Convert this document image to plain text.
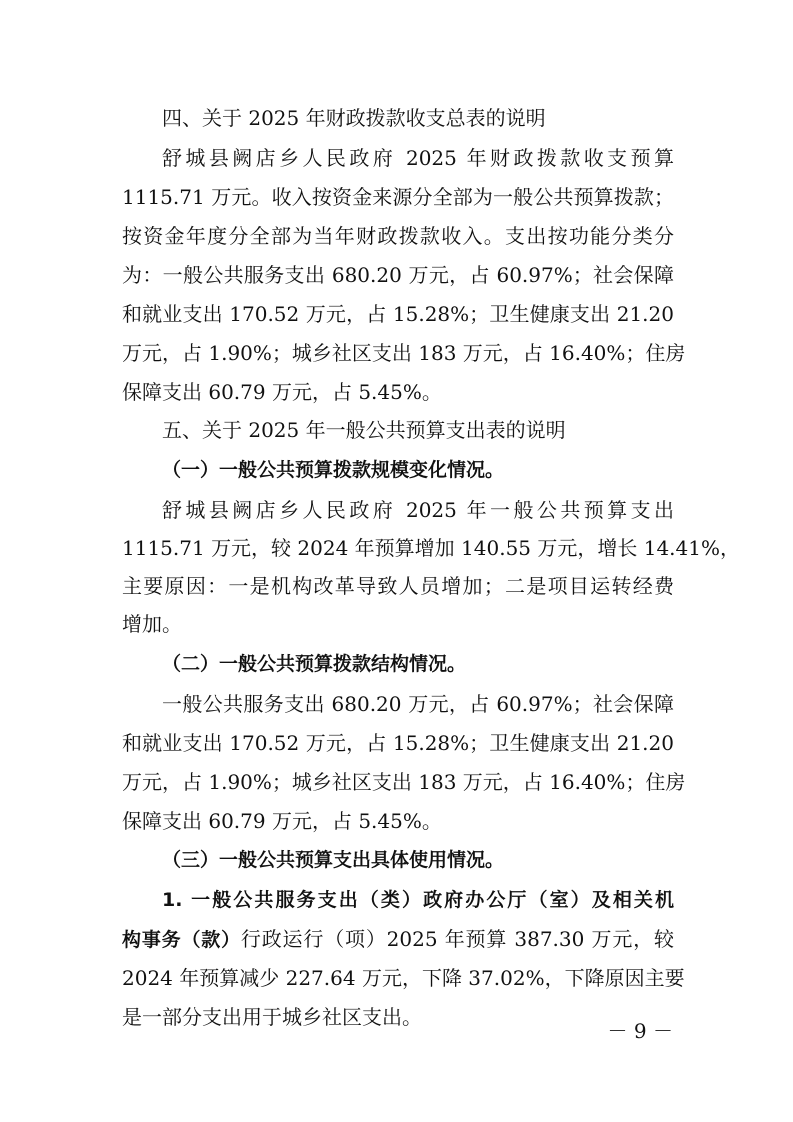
四、关于 2025 年财政拨款收支总表的说明
舒城县阙店乡人民政府 2025 年财政拨款收支预算
1115.71 万元。收入按资金来源分全部为一般公共预算拨款；
按资金年度分全部为当年财政拨款收入。支出按功能分类分
为：一般公共服务支出 680.20 万元，占 60.97%；社会保障
和就业支出 170.52 万元，占 15.28%；卫生健康支出 21.20
万元，占 1.90%；城乡社区支出 183 万元，占 16.40%；住房
保障支出 60.79 万元，占 5.45%。
五、关于 2025 年一般公共预算支出表的说明
（一）一般公共预算拨款规模变化情况。
舒城县阙店乡人民政府 2025 年一般公共预算支出
1115.71 万元，较 2024 年预算增加 140.55 万元，增长 14.41%，
主要原因：一是机构改革导致人员增加；二是项目运转经费
增加。
（二）一般公共预算拨款结构情况。
一般公共服务支出 680.20 万元，占 60.97%；社会保障
和就业支出 170.52 万元，占 15.28%；卫生健康支出 21.20
万元，占 1.90%；城乡社区支出 183 万元，占 16.40%；住房
保障支出 60.79 万元，占 5.45%。
（三）一般公共预算支出具体使用情况。
1. 一般公共服务支出（类）政府办公厅（室）及相关机
构事务（款）行政运行（项）2025 年预算 387.30 万元，较
2024 年预算减少 227.64 万元，下降 37.02%，下降原因主要
是一部分支出用于城乡社区支出。
－ 9 －
